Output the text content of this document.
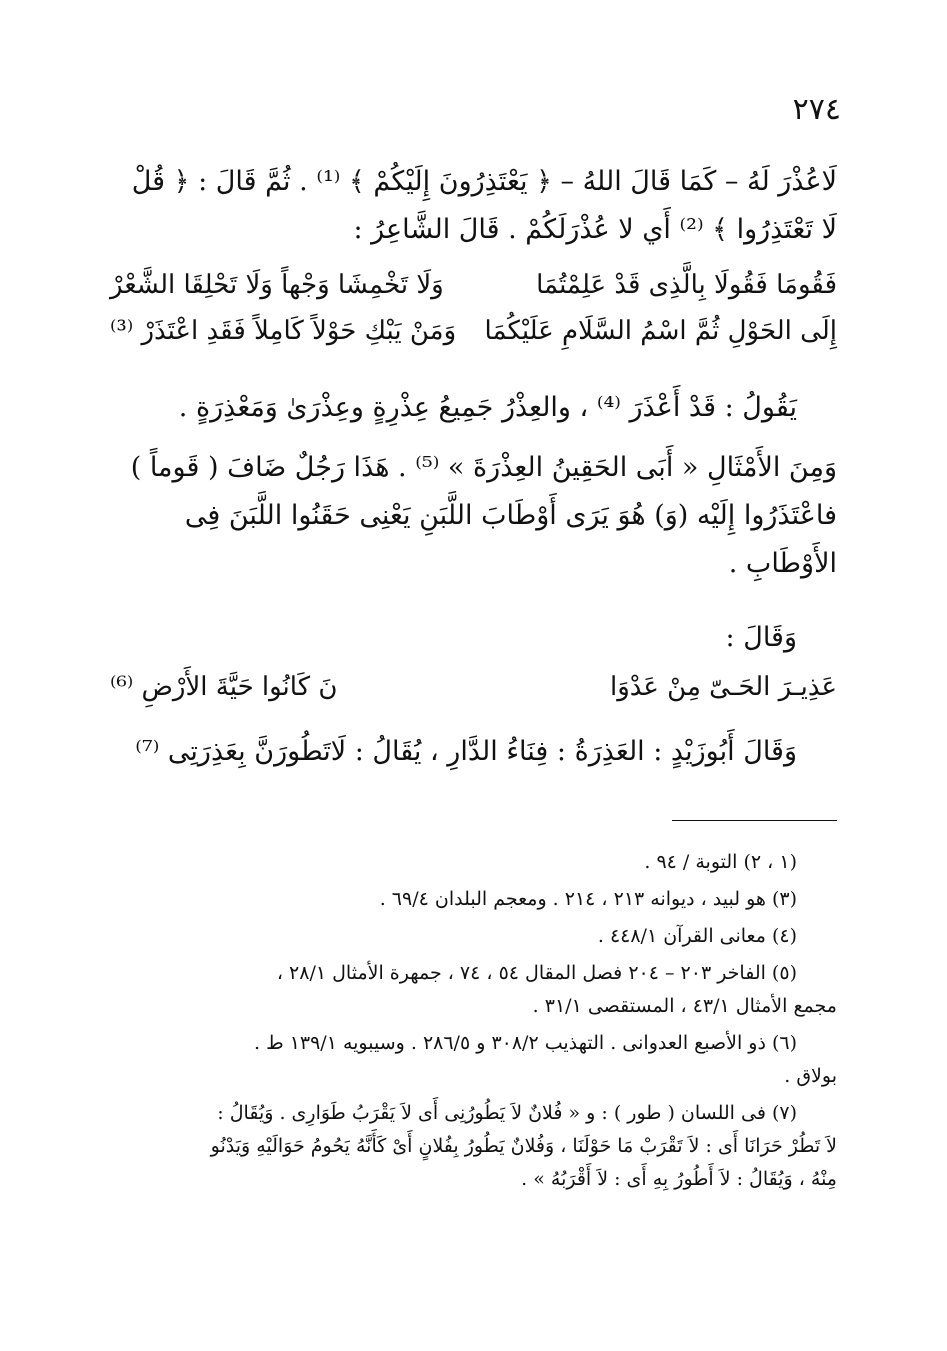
٢٧٤

لَاعُذْرَ لَهُ – كَمَا قَالَ اللهُ – ﴿ يَعْتَذِرُونَ إِلَيْكُمْ ﴾ ⁽¹⁾ . ثُمَّ قَالَ : ﴿ قُلْ

لَا تَعْتَذِرُوا ﴾ ⁽²⁾ أَي لا عُذْرَلَكُمْ . قَالَ الشَّاعِرُ :

فَقُومَا فَقُولَا بِالَّذِى قَدْ عَلِمْتُمَا
وَلَا تَخْمِشَا وَجْهاً وَلَا تَحْلِقَا الشَّعْرْ
إِلَى الحَوْلِ ثُمَّ اسْمُ السَّلَامِ عَلَيْكُمَا
وَمَنْ يَبْكِ حَوْلاً كَامِلاً فَقَدِ اعْتَذَرْ ⁽³⁾

يَقُولُ : قَدْ أَعْذَرَ ⁽⁴⁾ ، والعِذْرُ جَمِيعُ عِذْرِةٍ وعِذْرَىٰ وَمَعْذِرَةٍ .

وَمِنَ الأَمْثَالِ « أَبَى الحَقِينُ العِذْرَةَ » ⁽⁵⁾ . هَذَا رَجُلٌ ضَافَ ( قَوماً )

فاعْتَذَرُوا إِلَيْه (وَ) هُوَ يَرَى أَوْطَابَ اللَّبَنِ يَعْنِى حَقَنُوا اللَّبَنَ فِى

الأَوْطَابِ .

وَقَالَ :

عَذِيـرَ الحَـىّ مِنْ عَدْوَا
نَ كَانُوا حَيَّةَ الأَرْضِ ⁽⁶⁾

وَقَالَ أَبُوزَيْدٍ : العَذِرَةُ : فِنَاءُ الدَّارِ ، يُقَالُ : لَاتَطُورَنَّ بِعَذِرَتِى ⁽⁷⁾

(١ ، ٢) التوبة / ٩٤ .
(٣) هو لبيد ، ديوانه ٢١٣ ، ٢١٤ . ومعجم البلدان ٦٩/٤ .
(٤) معانى القرآن ٤٤٨/١ .
(٥) الفاخر ٢٠٣ – ٢٠٤ فصل المقال ٥٤ ، ٧٤ ، جمهرة الأمثال ٢٨/١ ،
مجمع الأمثال ٤٣/١ ، المستقصى ٣١/١ .
(٦) ذو الأصبع العدوانى . التهذيب ٣٠٨/٢ و ٢٨٦/٥ . وسيبويه ١٣٩/١ ط .
بولاق .
(٧) فى اللسان ( طور ) : و « فُلانٌ لاَ يَطُورُنِى أَى لاَ يَقْرَبُ طَوَارِى . وَيُقَالُ :
لاَ تَطُرْ حَرَانَا أَى : لاَ تَقْرَبْ مَا حَوْلَنَا ، وَفُلانٌ يَطُورُ بِفُلانٍ أَىْ كَأَنَّهُ يَحُومُ حَوَالَيْهِ وَيَدْنُو
مِنْهُ ، وَيُقَالُ : لاَ أَطُورُ بِهِ أَى : لاَ أَقْرَبُهُ » .
